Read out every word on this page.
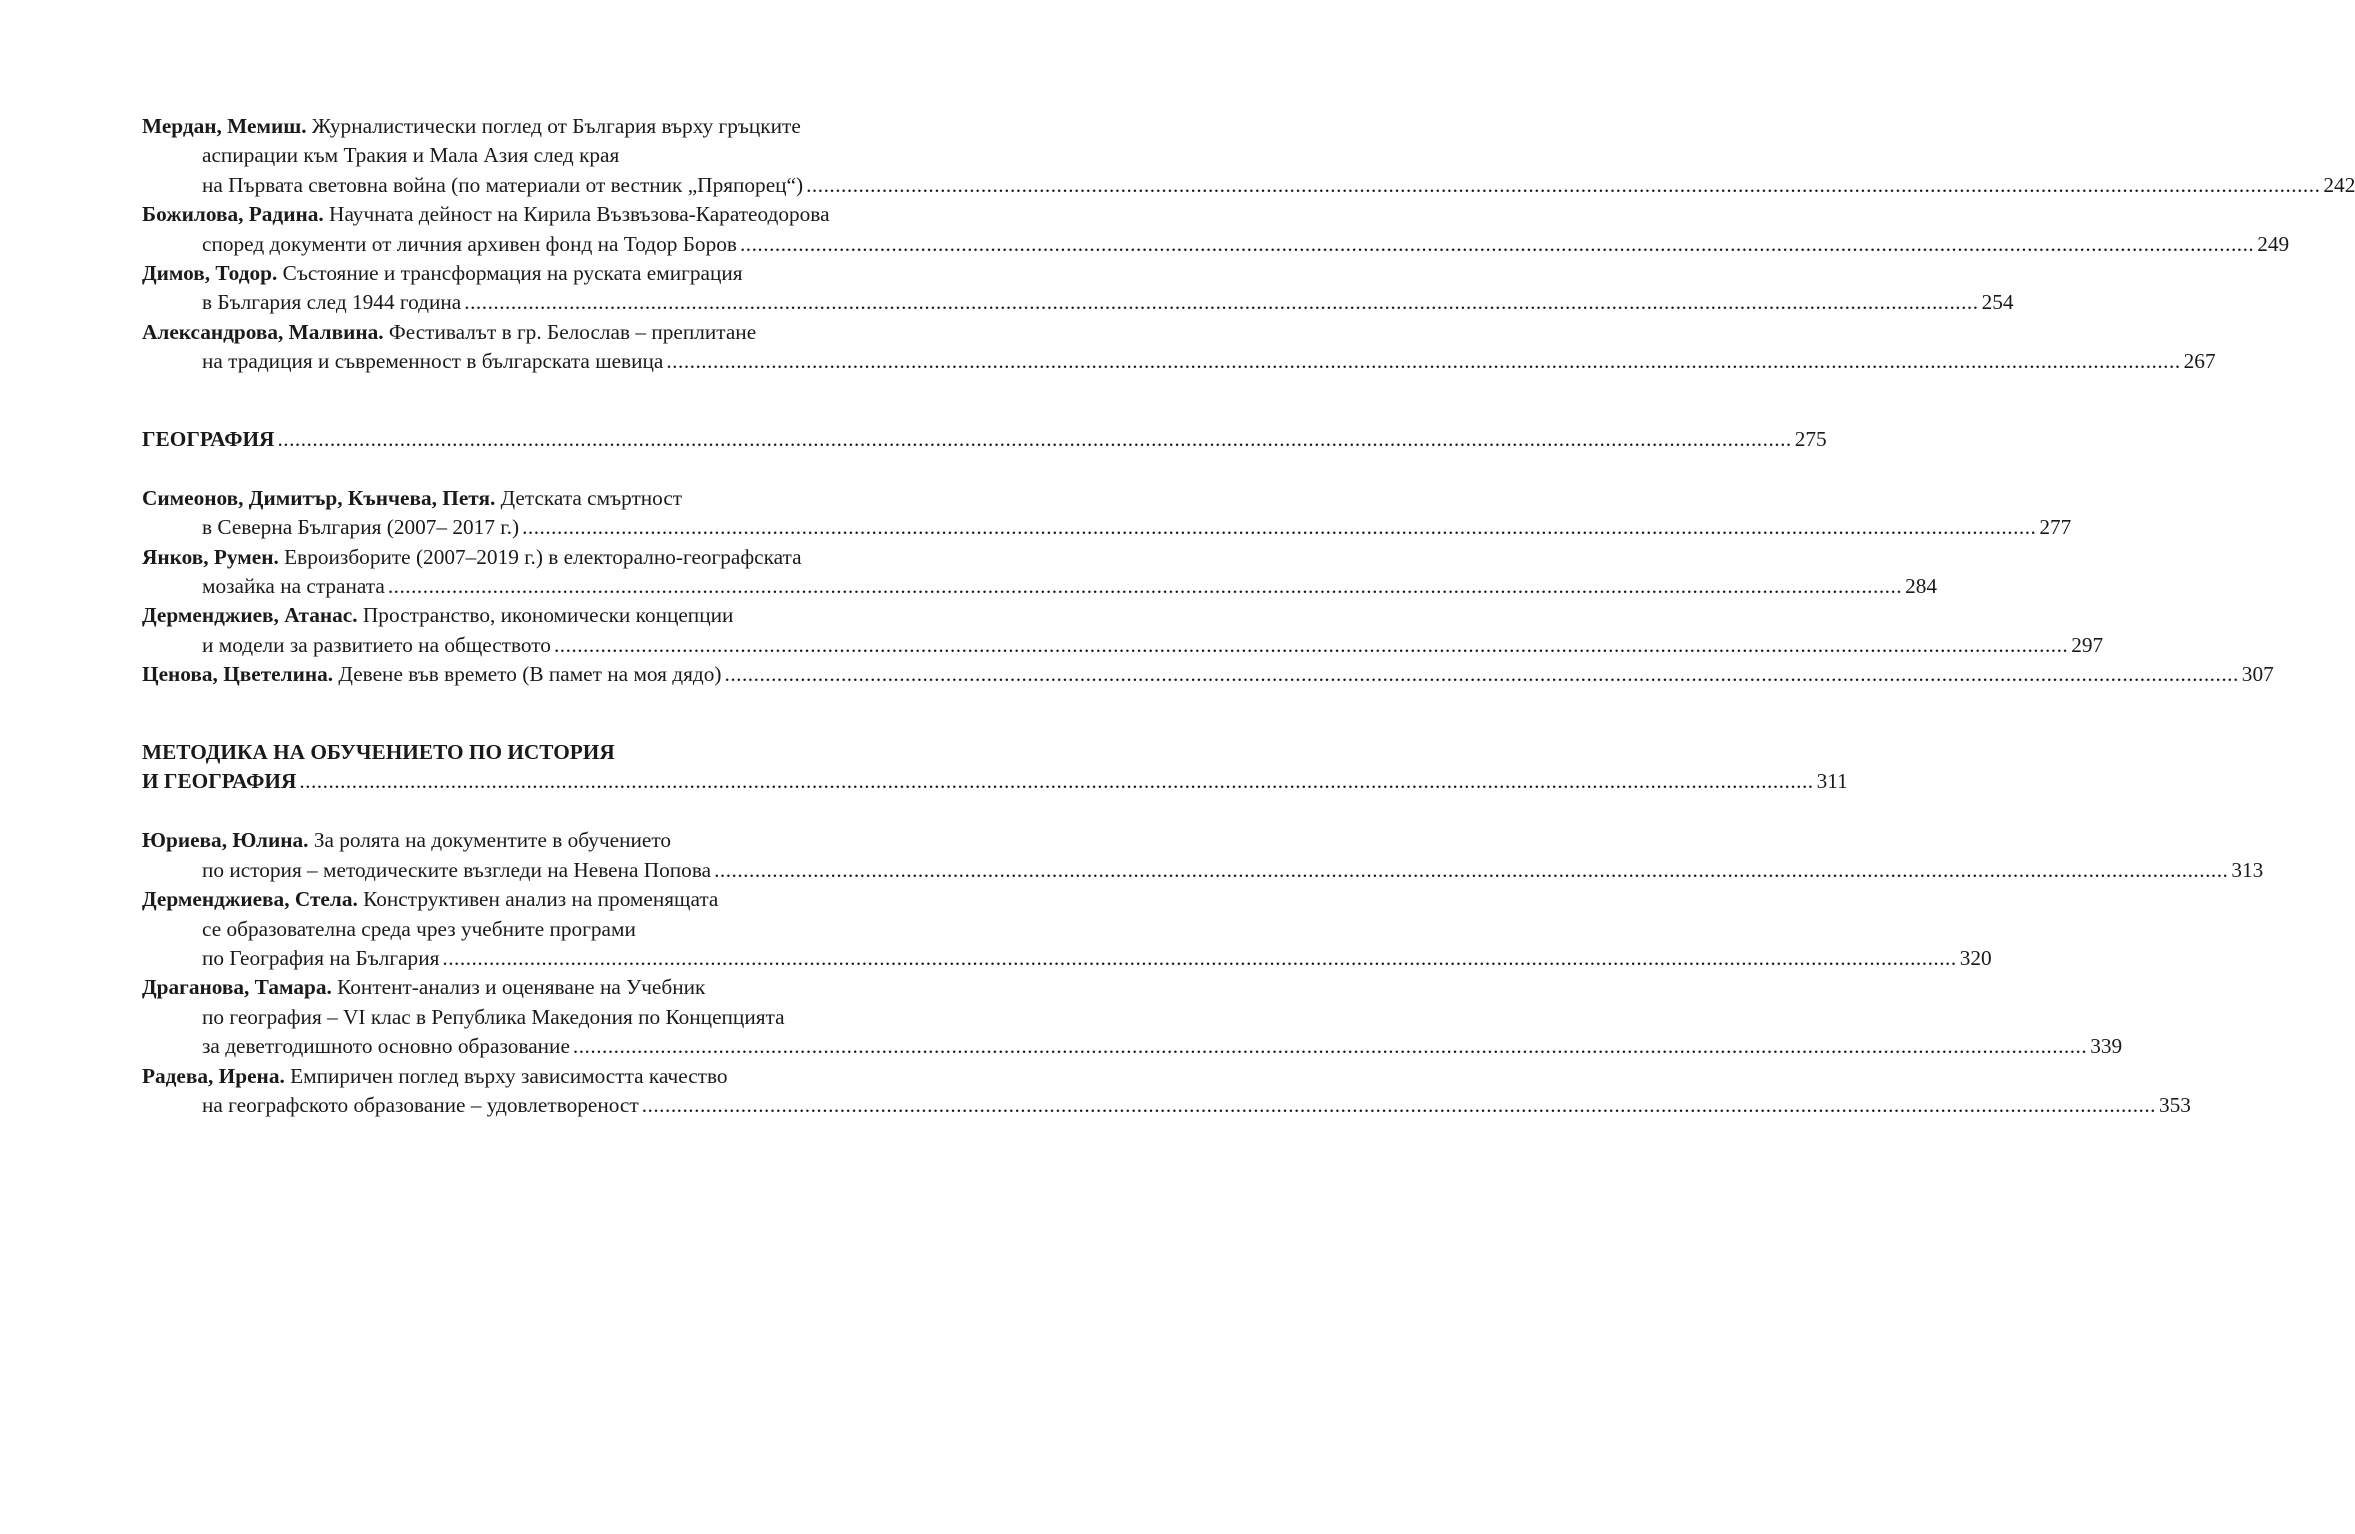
Мердан, Мемиш. Журналистически поглед от България върху гръцките
аспирации към Тракия и Мала Азия след края
на Първата световна война (по материали от вестник „Пряпорец“) .................................................................................................................................................................................................................................................................... 242
Божилова, Радина. Научната дейност на Кирила Възвъзова-Каратеодорова
според документи от личния архивен фонд на Тодор Боров .................................................................................................................................................................................................................................................................... 249
Димов, Тодор. Състояние и трансформация на руската емиграция
в България след 1944 година .................................................................................................................................................................................................................................................................... 254
Александрова, Малвина. Фестивалът в гр. Белослав – преплитане
на традиция и съвременност в българската шевица .................................................................................................................................................................................................................................................................... 267
ГЕОГРАФИЯ .................................................................................................................................................................................................................................................................... 275
Симеонов, Димитър, Кънчева, Петя. Детската смъртност
в Северна България (2007– 2017 г.) .................................................................................................................................................................................................................................................................... 277
Янков, Румен. Евроизборите (2007–2019 г.) в електорално-географската
мозайка на страната .................................................................................................................................................................................................................................................................... 284
Дерменджиев, Атанас. Пространство, икономически концепции
и модели за развитието на обществото .................................................................................................................................................................................................................................................................... 297
Ценова, Цветелина. Девене във времето (В памет на моя дядо) .................................................................................................................................................................................................................................................................... 307
МЕТОДИКА НА ОБУЧЕНИЕТО ПО ИСТОРИЯ
И ГЕОГРАФИЯ .................................................................................................................................................................................................................................................................... 311
Юриева, Юлина. За ролята на документите в обучението
по история – методическите възгледи на Невена Попова .................................................................................................................................................................................................................................................................... 313
Дерменджиева, Стела. Конструктивен анализ на променящата
се образователна среда чрез учебните програми
по География на България .................................................................................................................................................................................................................................................................... 320
Драганова, Тамара. Контент-анализ и оценяване на Учебник
по география – VI клас в Република Македония по Концепцията
за деветгодишното основно образование .................................................................................................................................................................................................................................................................... 339
Радева, Ирена. Емпиричен поглед върху зависимостта качество
на географското образование – удовлетвореност .................................................................................................................................................................................................................................................................... 353
